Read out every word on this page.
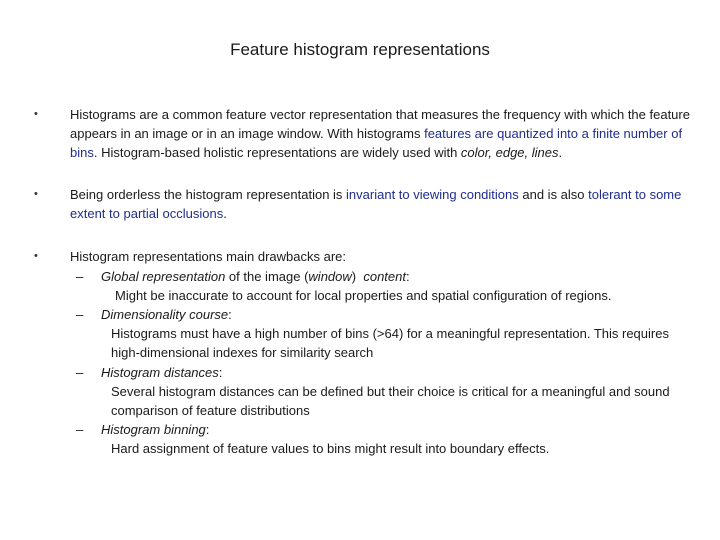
Feature histogram representations
• Histograms are a common feature vector representation that measures the frequency with which the feature appears in an image or in an image window. With histograms features are quantized into a finite number of bins. Histogram-based holistic representations are widely used with color, edge, lines.

• Being orderless the histogram representation is invariant to viewing conditions and is also tolerant to some extent to partial occlusions.

• Histogram representations main drawbacks are:

–	Global representation of the image (window)  content:
Might be inaccurate to account for local properties and spatial configuration of regions.
–	Dimensionality course:
Histograms must have a high number of bins (>64) for a meaningful representation. This requires high-dimensional indexes for similarity search
–	Histogram distances:
Several histogram distances can be defined but their choice is critical for a meaningful and sound comparison of feature distributions
–	Histogram binning:
Hard assignment of feature values to bins might result into boundary effects.
